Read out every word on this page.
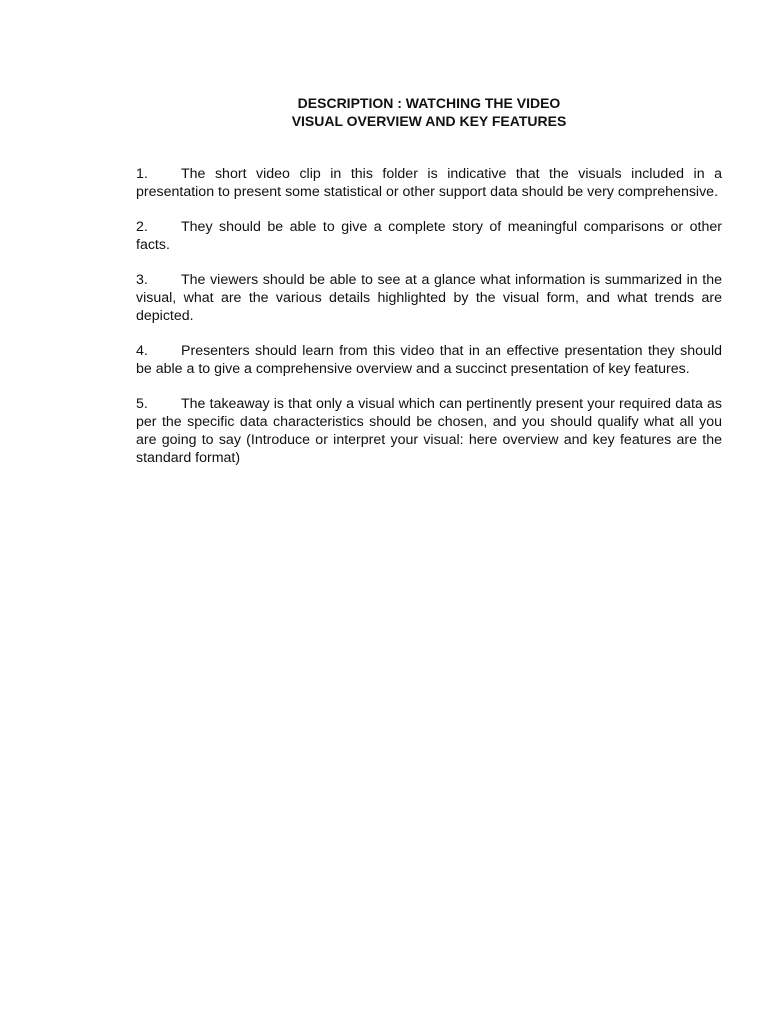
DESCRIPTION : WATCHING THE VIDEO
VISUAL OVERVIEW AND KEY FEATURES

1. The short video clip in this folder is indicative that the visuals included in a presentation to present some statistical or other support data should be very comprehensive.

2. They should be able to give a complete story of meaningful comparisons or other facts.

3. The viewers should be able to see at a glance what information is summarized in the visual, what are the various details highlighted by the visual form, and what trends are depicted.

4. Presenters should learn from this video that in an effective presentation they should be able a to give a comprehensive overview and a succinct presentation of key features.

5. The takeaway is that only a visual which can pertinently present your required data as per the specific data characteristics should be chosen, and you should qualify what all you are going to say (Introduce or interpret your visual: here overview and key features are the standard format)
